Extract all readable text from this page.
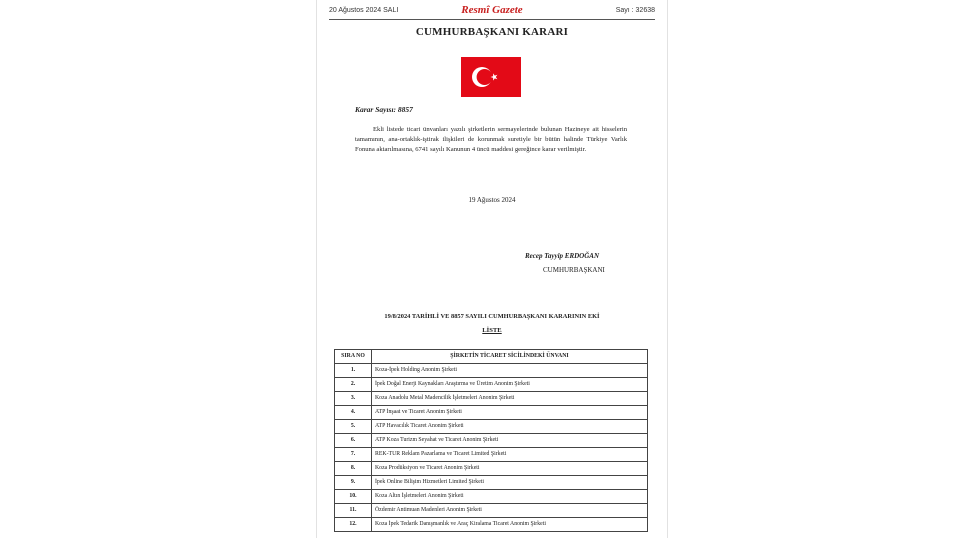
20 Ağustos 2024 SALI	Resmî Gazete	Sayı : 32638
CUMHURBAŞKANI KARARI
Karar Sayısı: 8857
Ekli listede ticari ünvanları yazılı şirketlerin sermayelerinde bulunan Hazineye ait hisselerin tamamının, ana-ortaklık-iştirak ilişkileri de korunmak suretiyle bir bütün halinde Türkiye Varlık Fonuna aktarılmasına, 6741 sayılı Kanunun 4 üncü maddesi gereğince karar verilmiştir.
19 Ağustos 2024
Recep Tayyip ERDOĞAN
CUMHURBAŞKANI
19/8/2024 TARİHLİ VE 8857 SAYILI CUMHURBAŞKANI KARARININ EKİ
LİSTE
SIRA NO	ŞİRKETİN TİCARET SİCİLİNDEKİ ÜNVANI
1.	Koza-İpek Holding Anonim Şirketi
2.	İpek Doğal Enerji Kaynakları Araştırma ve Üretim Anonim Şirketi
3.	Koza Anadolu Metal Madencilik İşletmeleri Anonim Şirketi
4.	ATP İnşaat ve Ticaret Anonim Şirketi
5.	ATP Havacılık Ticaret Anonim Şirketi
6.	ATP Koza Turizm Seyahat ve Ticaret Anonim Şirketi
7.	REK-TUR Reklam Pazarlama ve Ticaret Limited Şirketi
8.	Koza Prodüksiyon ve Ticaret Anonim Şirketi
9.	İpek Online Bilişim Hizmetleri Limited Şirketi
10.	Koza Altın İşletmeleri Anonim Şirketi
11.	Özdemir Antimuan Madenleri Anonim Şirketi
12.	Koza İpek Tedarik Danışmanlık ve Araç Kiralama Ticaret Anonim Şirketi
